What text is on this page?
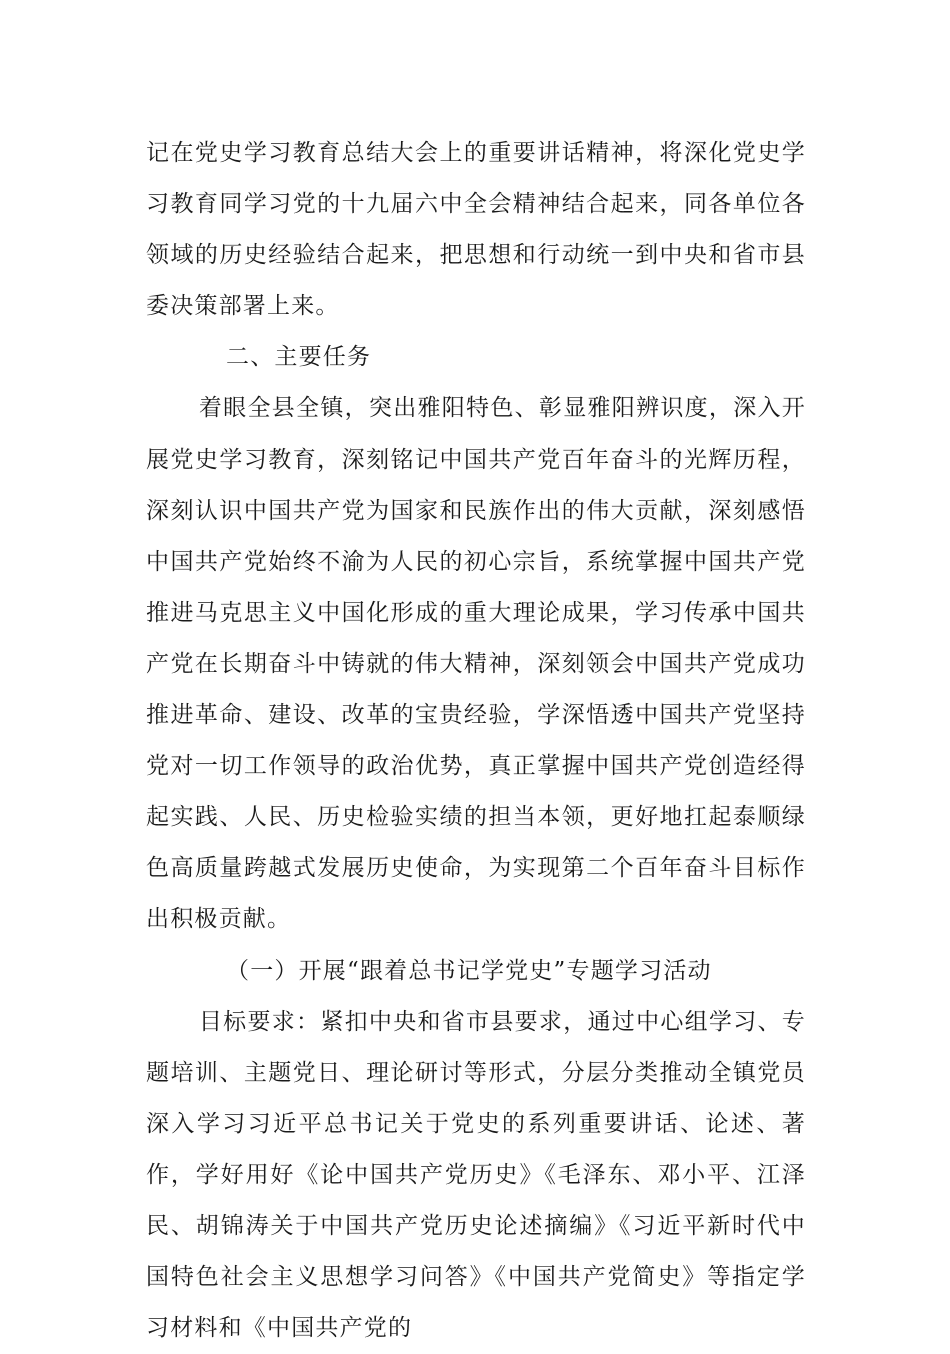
记在党史学习教育总结大会上的重要讲话精神，将深化党史学习教育同学习党的十九届六中全会精神结合起来，同各单位各领域的历史经验结合起来，把思想和行动统一到中央和省市县委决策部署上来。

二、主要任务

着眼全县全镇，突出雅阳特色、彰显雅阳辨识度，深入开展党史学习教育，深刻铭记中国共产党百年奋斗的光辉历程，深刻认识中国共产党为国家和民族作出的伟大贡献，深刻感悟中国共产党始终不渝为人民的初心宗旨，系统掌握中国共产党推进马克思主义中国化形成的重大理论成果，学习传承中国共产党在长期奋斗中铸就的伟大精神，深刻领会中国共产党成功推进革命、建设、改革的宝贵经验，学深悟透中国共产党坚持党对一切工作领导的政治优势，真正掌握中国共产党创造经得起实践、人民、历史检验实绩的担当本领，更好地扛起泰顺绿色高质量跨越式发展历史使命，为实现第二个百年奋斗目标作出积极贡献。

（一）开展“跟着总书记学党史”专题学习活动

目标要求：紧扣中央和省市县要求，通过中心组学习、专题培训、主题党日、理论研讨等形式，分层分类推动全镇党员深入学习习近平总书记关于党史的系列重要讲话、论述、著作，学好用好《论中国共产党历史》《毛泽东、邓小平、江泽民、胡锦涛关于中国共产党历史论述摘编》《习近平新时代中国特色社会主义思想学习问答》《中国共产党简史》等指定学习材料和《中国共产党的
